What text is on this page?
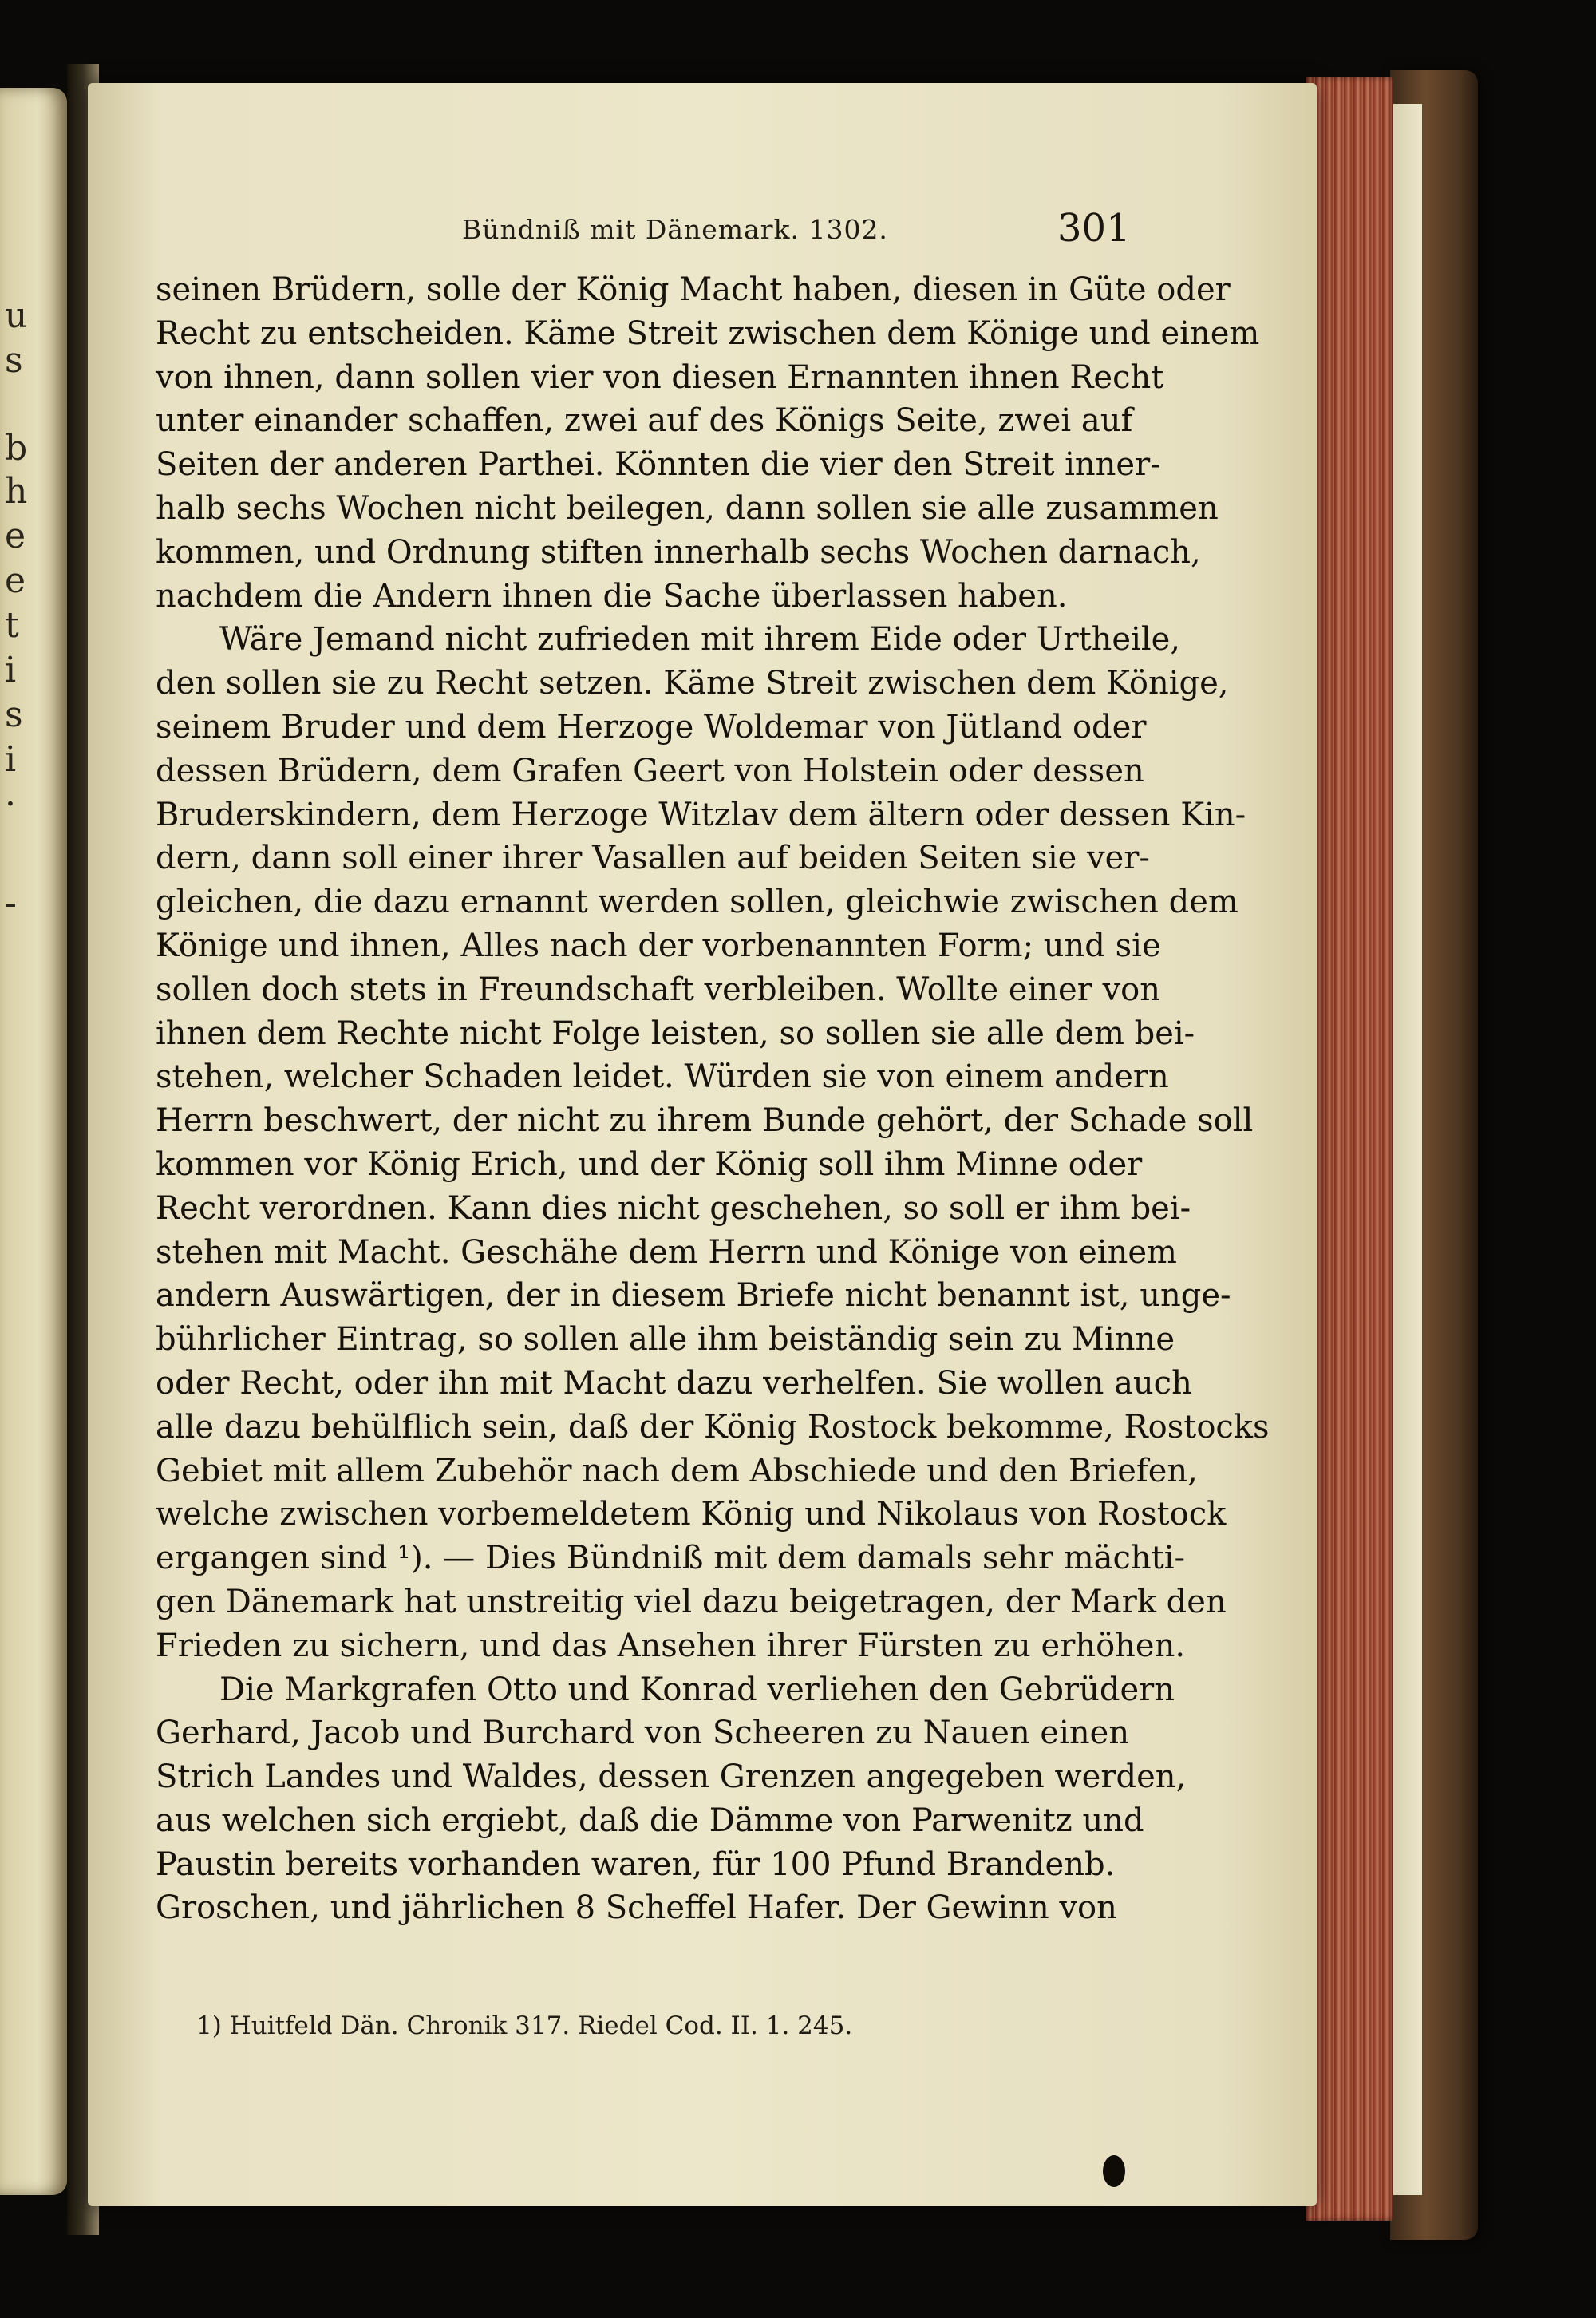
u
s
b
h
e
e
t
i
s
i
·
-
Bündniß mit Dänemark. 1302.	301
seinen Brüdern, solle der König Macht haben, diesen in Güte oder
Recht zu entscheiden. Käme Streit zwischen dem Könige und einem
von ihnen, dann sollen vier von diesen Ernannten ihnen Recht
unter einander schaffen, zwei auf des Königs Seite, zwei auf
Seiten der anderen Parthei. Könnten die vier den Streit inner-
halb sechs Wochen nicht beilegen, dann sollen sie alle zusammen
kommen, und Ordnung stiften innerhalb sechs Wochen darnach,
nachdem die Andern ihnen die Sache überlassen haben.
Wäre Jemand nicht zufrieden mit ihrem Eide oder Urtheile,
den sollen sie zu Recht setzen. Käme Streit zwischen dem Könige,
seinem Bruder und dem Herzoge Woldemar von Jütland oder
dessen Brüdern, dem Grafen Geert von Holstein oder dessen
Bruderskindern, dem Herzoge Witzlav dem ältern oder dessen Kin-
dern, dann soll einer ihrer Vasallen auf beiden Seiten sie ver-
gleichen, die dazu ernannt werden sollen, gleichwie zwischen dem
Könige und ihnen, Alles nach der vorbenannten Form; und sie
sollen doch stets in Freundschaft verbleiben. Wollte einer von
ihnen dem Rechte nicht Folge leisten, so sollen sie alle dem bei-
stehen, welcher Schaden leidet. Würden sie von einem andern
Herrn beschwert, der nicht zu ihrem Bunde gehört, der Schade soll
kommen vor König Erich, und der König soll ihm Minne oder
Recht verordnen. Kann dies nicht geschehen, so soll er ihm bei-
stehen mit Macht. Geschähe dem Herrn und Könige von einem
andern Auswärtigen, der in diesem Briefe nicht benannt ist, unge-
bührlicher Eintrag, so sollen alle ihm beiständig sein zu Minne
oder Recht, oder ihn mit Macht dazu verhelfen. Sie wollen auch
alle dazu behülflich sein, daß der König Rostock bekomme, Rostocks
Gebiet mit allem Zubehör nach dem Abschiede und den Briefen,
welche zwischen vorbemeldetem König und Nikolaus von Rostock
ergangen sind ¹). — Dies Bündniß mit dem damals sehr mächti-
gen Dänemark hat unstreitig viel dazu beigetragen, der Mark den
Frieden zu sichern, und das Ansehen ihrer Fürsten zu erhöhen.
Die Markgrafen Otto und Konrad verliehen den Gebrüdern
Gerhard, Jacob und Burchard von Scheeren zu Nauen einen
Strich Landes und Waldes, dessen Grenzen angegeben werden,
aus welchen sich ergiebt, daß die Dämme von Parwenitz und
Paustin bereits vorhanden waren, für 100 Pfund Brandenb.
Groschen, und jährlichen 8 Scheffel Hafer. Der Gewinn von
1) Huitfeld Dän. Chronik 317. Riedel Cod. II. 1. 245.
